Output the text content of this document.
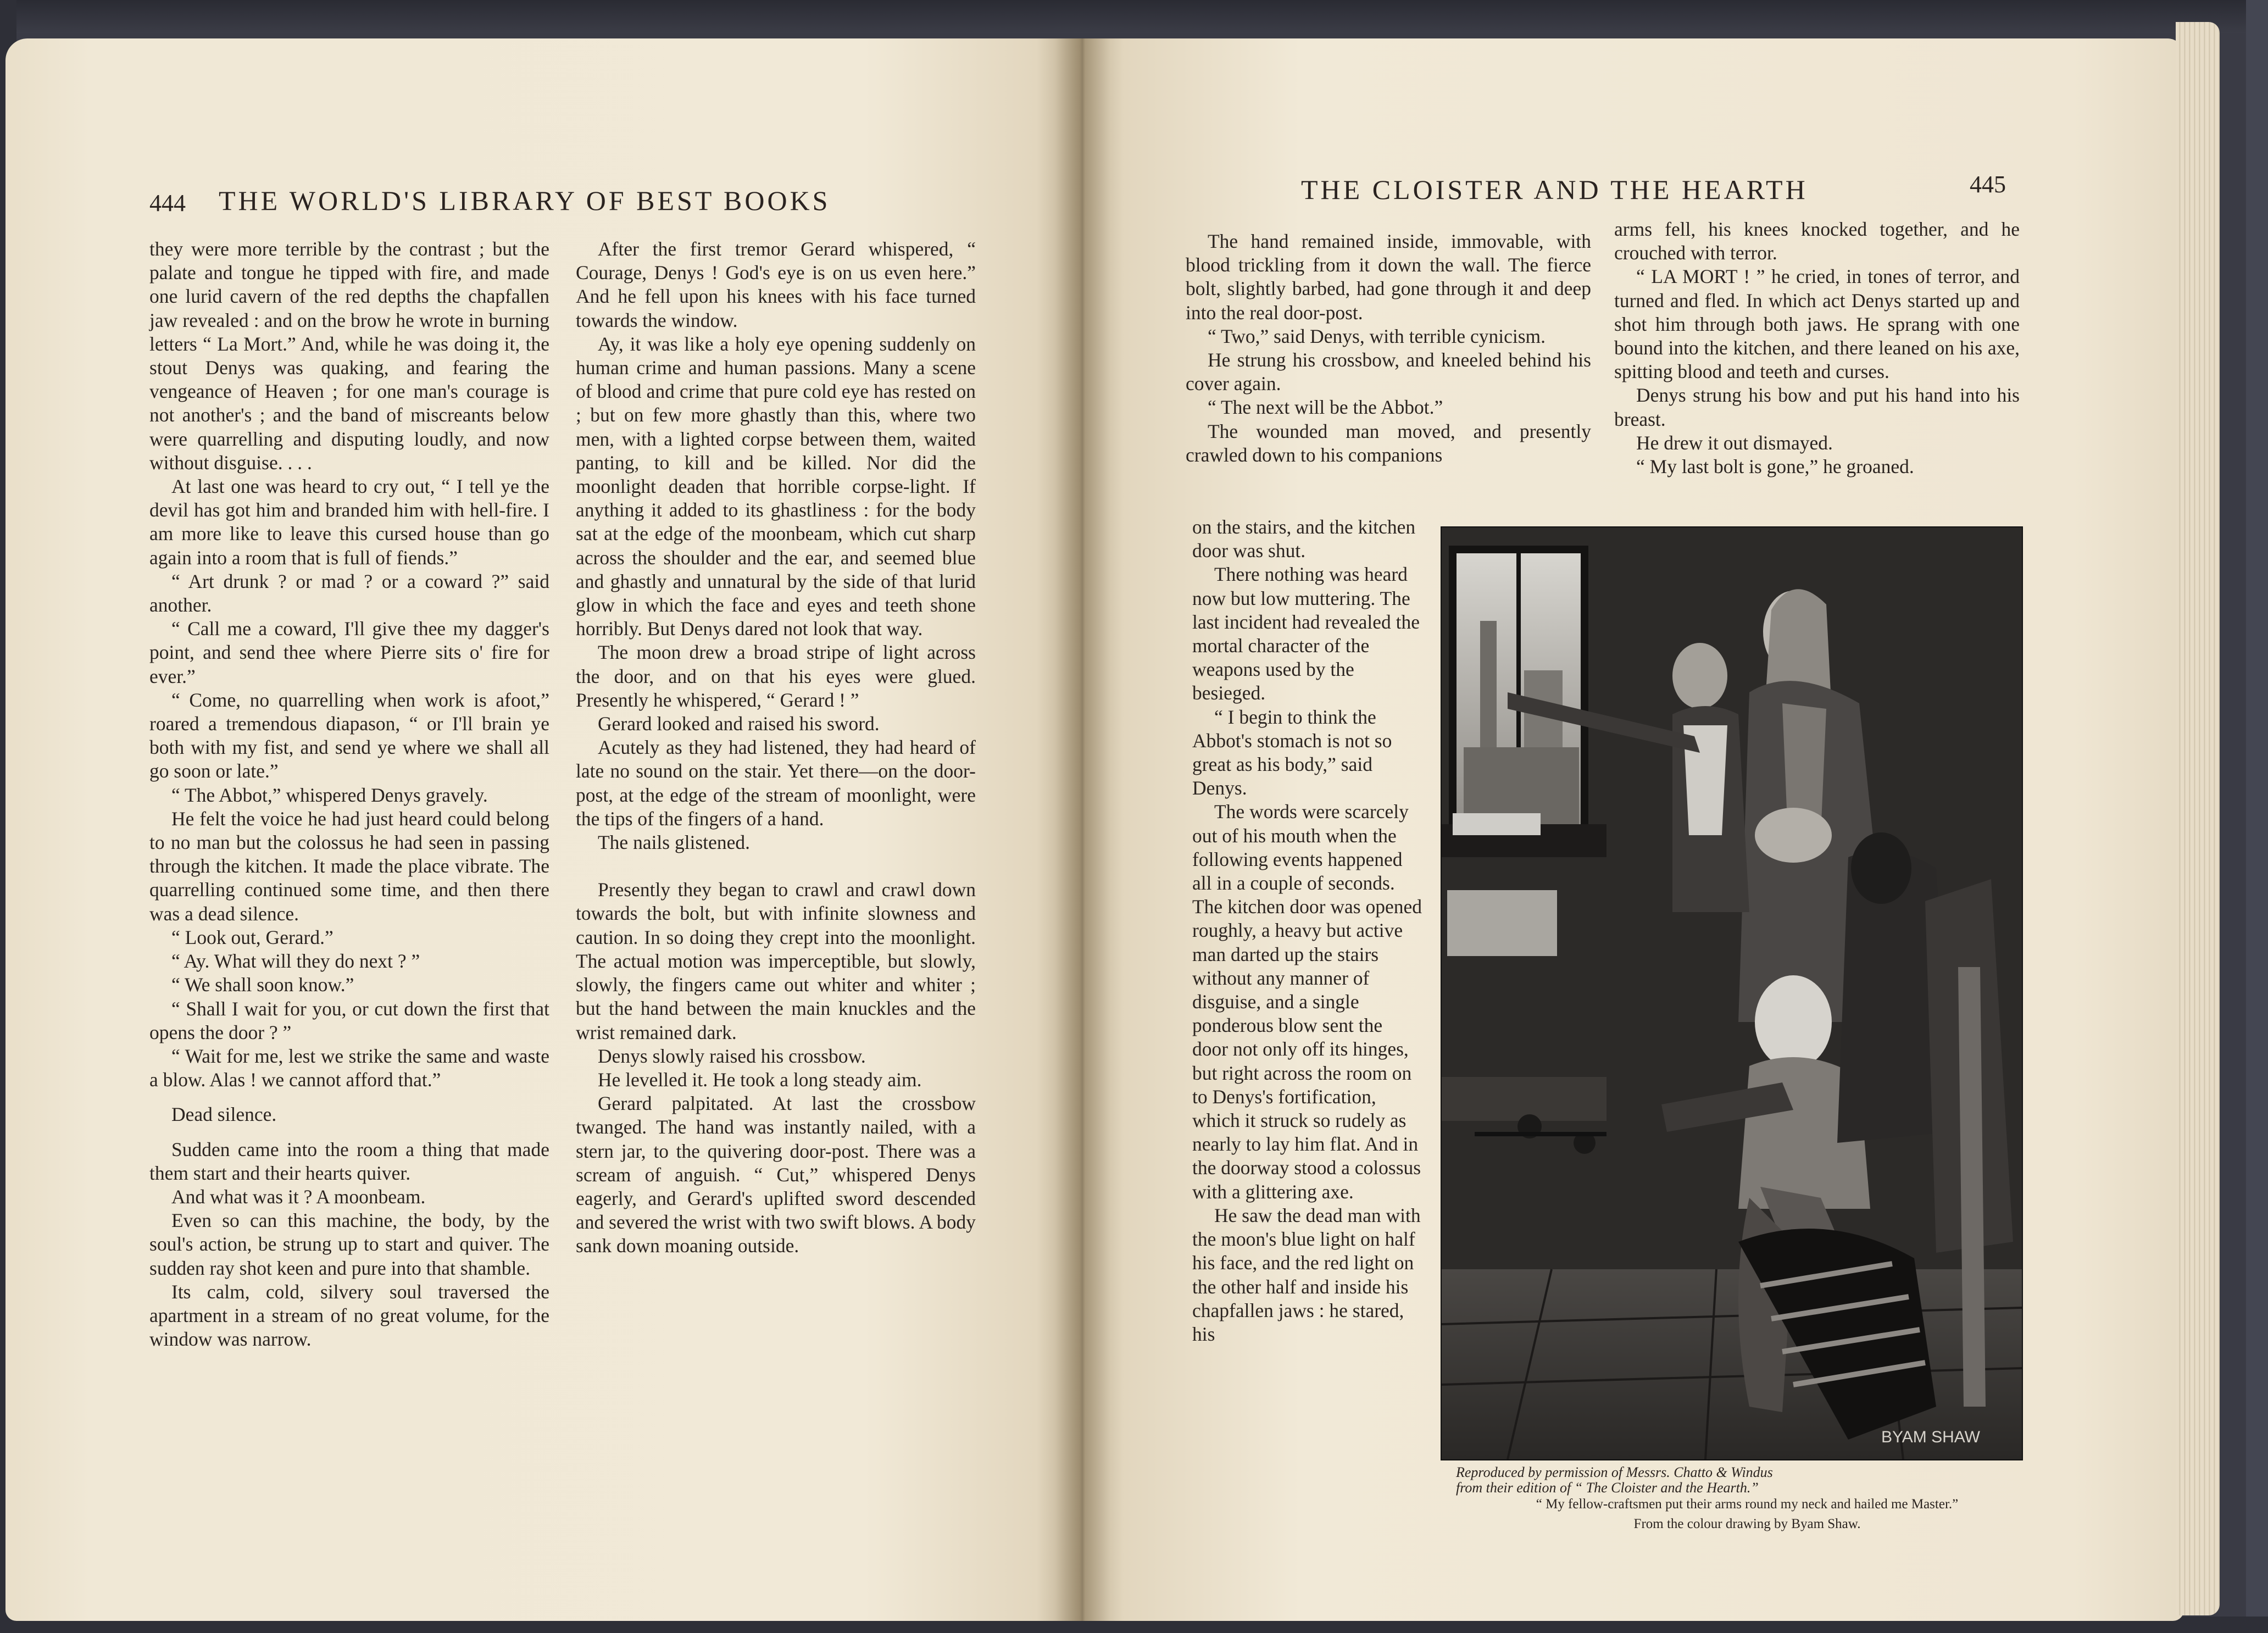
444 THE WORLD'S LIBRARY OF BEST BOOKS	THE CLOISTER AND THE HEARTH	445

they were more terrible by the contrast ; but the palate and tongue he tipped with fire, and made one lurid cavern of the red depths the chapfallen jaw revealed : and on the brow he wrote in burning letters “ La Mort.” And, while he was doing it, the stout Denys was quaking, and fearing the vengeance of Heaven ; for one man's courage is not another's ; and the band of miscreants below were quarrelling and disputing loudly, and now without disguise. . . .

At last one was heard to cry out, “ I tell ye the devil has got him and branded him with hell-fire. I am more like to leave this cursed house than go again into a room that is full of fiends.”

“ Art drunk ? or mad ? or a coward ?” said another.

“ Call me a coward, I'll give thee my dagger's point, and send thee where Pierre sits o' fire for ever.”

“ Come, no quarrelling when work is afoot,” roared a tremendous diapason, “ or I'll brain ye both with my fist, and send ye where we shall all go soon or late.”

“ The Abbot,” whispered Denys gravely.

He felt the voice he had just heard could belong to no man but the colossus he had seen in passing through the kitchen. It made the place vibrate. The quarrelling continued some time, and then there was a dead silence.

“ Look out, Gerard.”

“ Ay. What will they do next ? ”

“ We shall soon know.”

“ Shall I wait for you, or cut down the first that opens the door ? ”

“ Wait for me, lest we strike the same and waste a blow. Alas ! we cannot afford that.”

Dead silence.

Sudden came into the room a thing that made them start and their hearts quiver.

And what was it ? A moonbeam.

Even so can this machine, the body, by the soul's action, be strung up to start and quiver. The sudden ray shot keen and pure into that shamble.

Its calm, cold, silvery soul traversed the apartment in a stream of no great volume, for the window was narrow.

After the first tremor Gerard whispered, “ Courage, Denys ! God's eye is on us even here.” And he fell upon his knees with his face turned towards the window.

Ay, it was like a holy eye opening suddenly on human crime and human passions. Many a scene of blood and crime that pure cold eye has rested on ; but on few more ghastly than this, where two men, with a lighted corpse between them, waited panting, to kill and be killed. Nor did the moonlight deaden that horrible corpse-light. If anything it added to its ghastliness : for the body sat at the edge of the moonbeam, which cut sharp across the shoulder and the ear, and seemed blue and ghastly and unnatural by the side of that lurid glow in which the face and eyes and teeth shone horribly. But Denys dared not look that way.

The moon drew a broad stripe of light across the door, and on that his eyes were glued. Presently he whispered, “ Gerard ! ”

Gerard looked and raised his sword.

Acutely as they had listened, they had heard of late no sound on the stair. Yet there—on the door-post, at the edge of the stream of moonlight, were the tips of the fingers of a hand.

The nails glistened.

Presently they began to crawl and crawl down towards the bolt, but with infinite slowness and caution. In so doing they crept into the moonlight. The actual motion was imperceptible, but slowly, slowly, the fingers came out whiter and whiter ; but the hand between the main knuckles and the wrist remained dark.

Denys slowly raised his crossbow.

He levelled it. He took a long steady aim.

Gerard palpitated. At last the crossbow twanged. The hand was instantly nailed, with a stern jar, to the quivering door-post. There was a scream of anguish. “ Cut,” whispered Denys eagerly, and Gerard's uplifted sword descended and severed the wrist with two swift blows. A body sank down moaning outside.

The hand remained inside, immovable, with blood trickling from it down the wall. The fierce bolt, slightly barbed, had gone through it and deep into the real door-post.

“ Two,” said Denys, with terrible cynicism.

He strung his crossbow, and kneeled behind his cover again.

“ The next will be the Abbot.”

The wounded man moved, and presently crawled down to his companions

on the stairs, and the kitchen door was shut.

There nothing was heard now but low muttering. The last incident had revealed the mortal character of the weapons used by the besieged.

“ I begin to think the Abbot's stomach is not so great as his body,” said Denys.

The words were scarcely out of his mouth when the following events happened all in a couple of seconds. The kitchen door was opened roughly, a heavy but active man darted up the stairs without any manner of disguise, and a single ponderous blow sent the door not only off its hinges, but right across the room on to Denys's fortification, which it struck so rudely as nearly to lay him flat. And in the doorway stood a colossus with a glittering axe.

He saw the dead man with the moon's blue light on half his face, and the red light on the other half and inside his chapfallen jaws : he stared, his

arms fell, his knees knocked together, and he crouched with terror.

“ LA MORT ! ” he cried, in tones of terror, and turned and fled. In which act Denys started up and shot him through both jaws. He sprang with one bound into the kitchen, and there leaned on his axe, spitting blood and teeth and curses.

Denys strung his bow and put his hand into his breast.

He drew it out dismayed.

“ My last bolt is gone,” he groaned.

BYAM SHAW
Reproduced by permission of Messrs. Chatto & Windus
from their edition of “ The Cloister and the Hearth.”
“ My fellow-craftsmen put their arms round my neck and hailed me Master.”
From the colour drawing by Byam Shaw.
